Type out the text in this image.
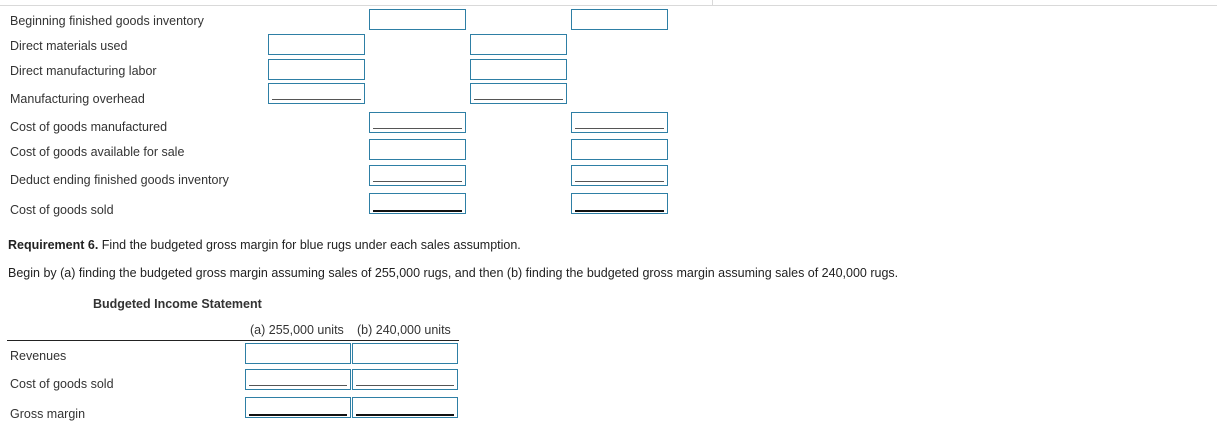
Beginning finished goods inventory
Direct materials used
Direct manufacturing labor
Manufacturing overhead
Cost of goods manufactured
Cost of goods available for sale
Deduct ending finished goods inventory
Cost of goods sold
Requirement 6. Find the budgeted gross margin for blue rugs under each sales assumption.
Begin by (a) finding the budgeted gross margin assuming sales of 255,000 rugs, and then (b) finding the budgeted gross margin assuming sales of 240,000 rugs.
Budgeted Income Statement
(a) 255,000 units (b) 240,000 units
Revenues
Cost of goods sold
Gross margin
